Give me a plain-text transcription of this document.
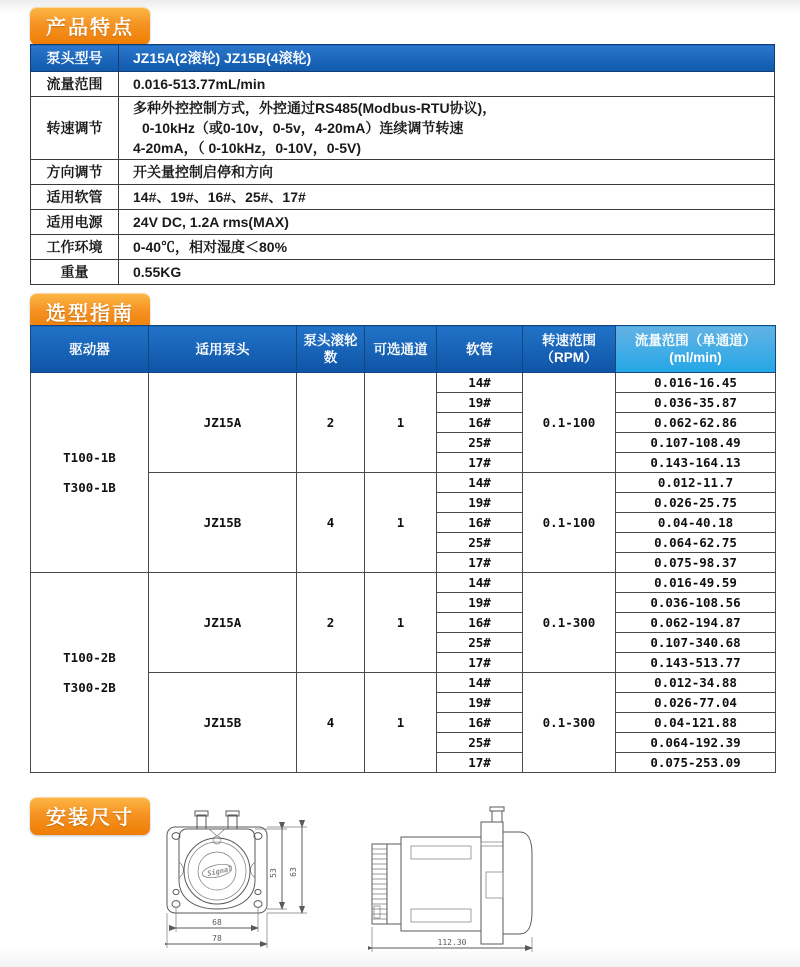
产品特点
泵头型号	JZ15A(2滚轮) JZ15B(4滚轮)
流量范围	0.016-513.77mL/min
转速调节	多种外控控制方式，外控通过RS485(Modbus-RTU协议)，
0-10kHz（或0-10v，0-5v，4-20mA）连续调节转速
4-20mA，（ 0-10kHz，0-10V，0-5V)

方向调节	开关量控制启停和方向
适用软管	14#、19#、16#、25#、17#
适用电源	24V DC, 1.2A rms(MAX)
工作环境	0-40℃，相对湿度＜80%
重量	0.55KG
选型指南
驱动器	适用泵头	泵头滚轮数	可选通道	软管	转速范围（RPM）	流量范围（单通道）(ml/min)

T100-1B
T300-1B	JZ15A	2	1	14#	0.1-100	0.016-16.45
				19#		0.036-35.87
				16#		0.062-62.86
				25#		0.107-108.49
				17#		0.143-164.13
	JZ15B	4	1	14#	0.1-100	0.012-11.7
				19#		0.026-25.75
				16#		0.04-40.18
				25#		0.064-62.75
				17#		0.075-98.37

T100-2B
T300-2B	JZ15A	2	1	14#	0.1-300	0.016-49.59
				19#		0.036-108.56
				16#		0.062-194.87
				25#		0.107-340.68
				17#		0.143-513.77
	JZ15B	4	1	14#	0.1-300	0.012-34.88
				19#		0.026-77.04
				16#		0.04-121.88
				25#		0.064-192.39
				17#		0.075-253.09
安装尺寸
Signal	53 63
68
78	112.30
